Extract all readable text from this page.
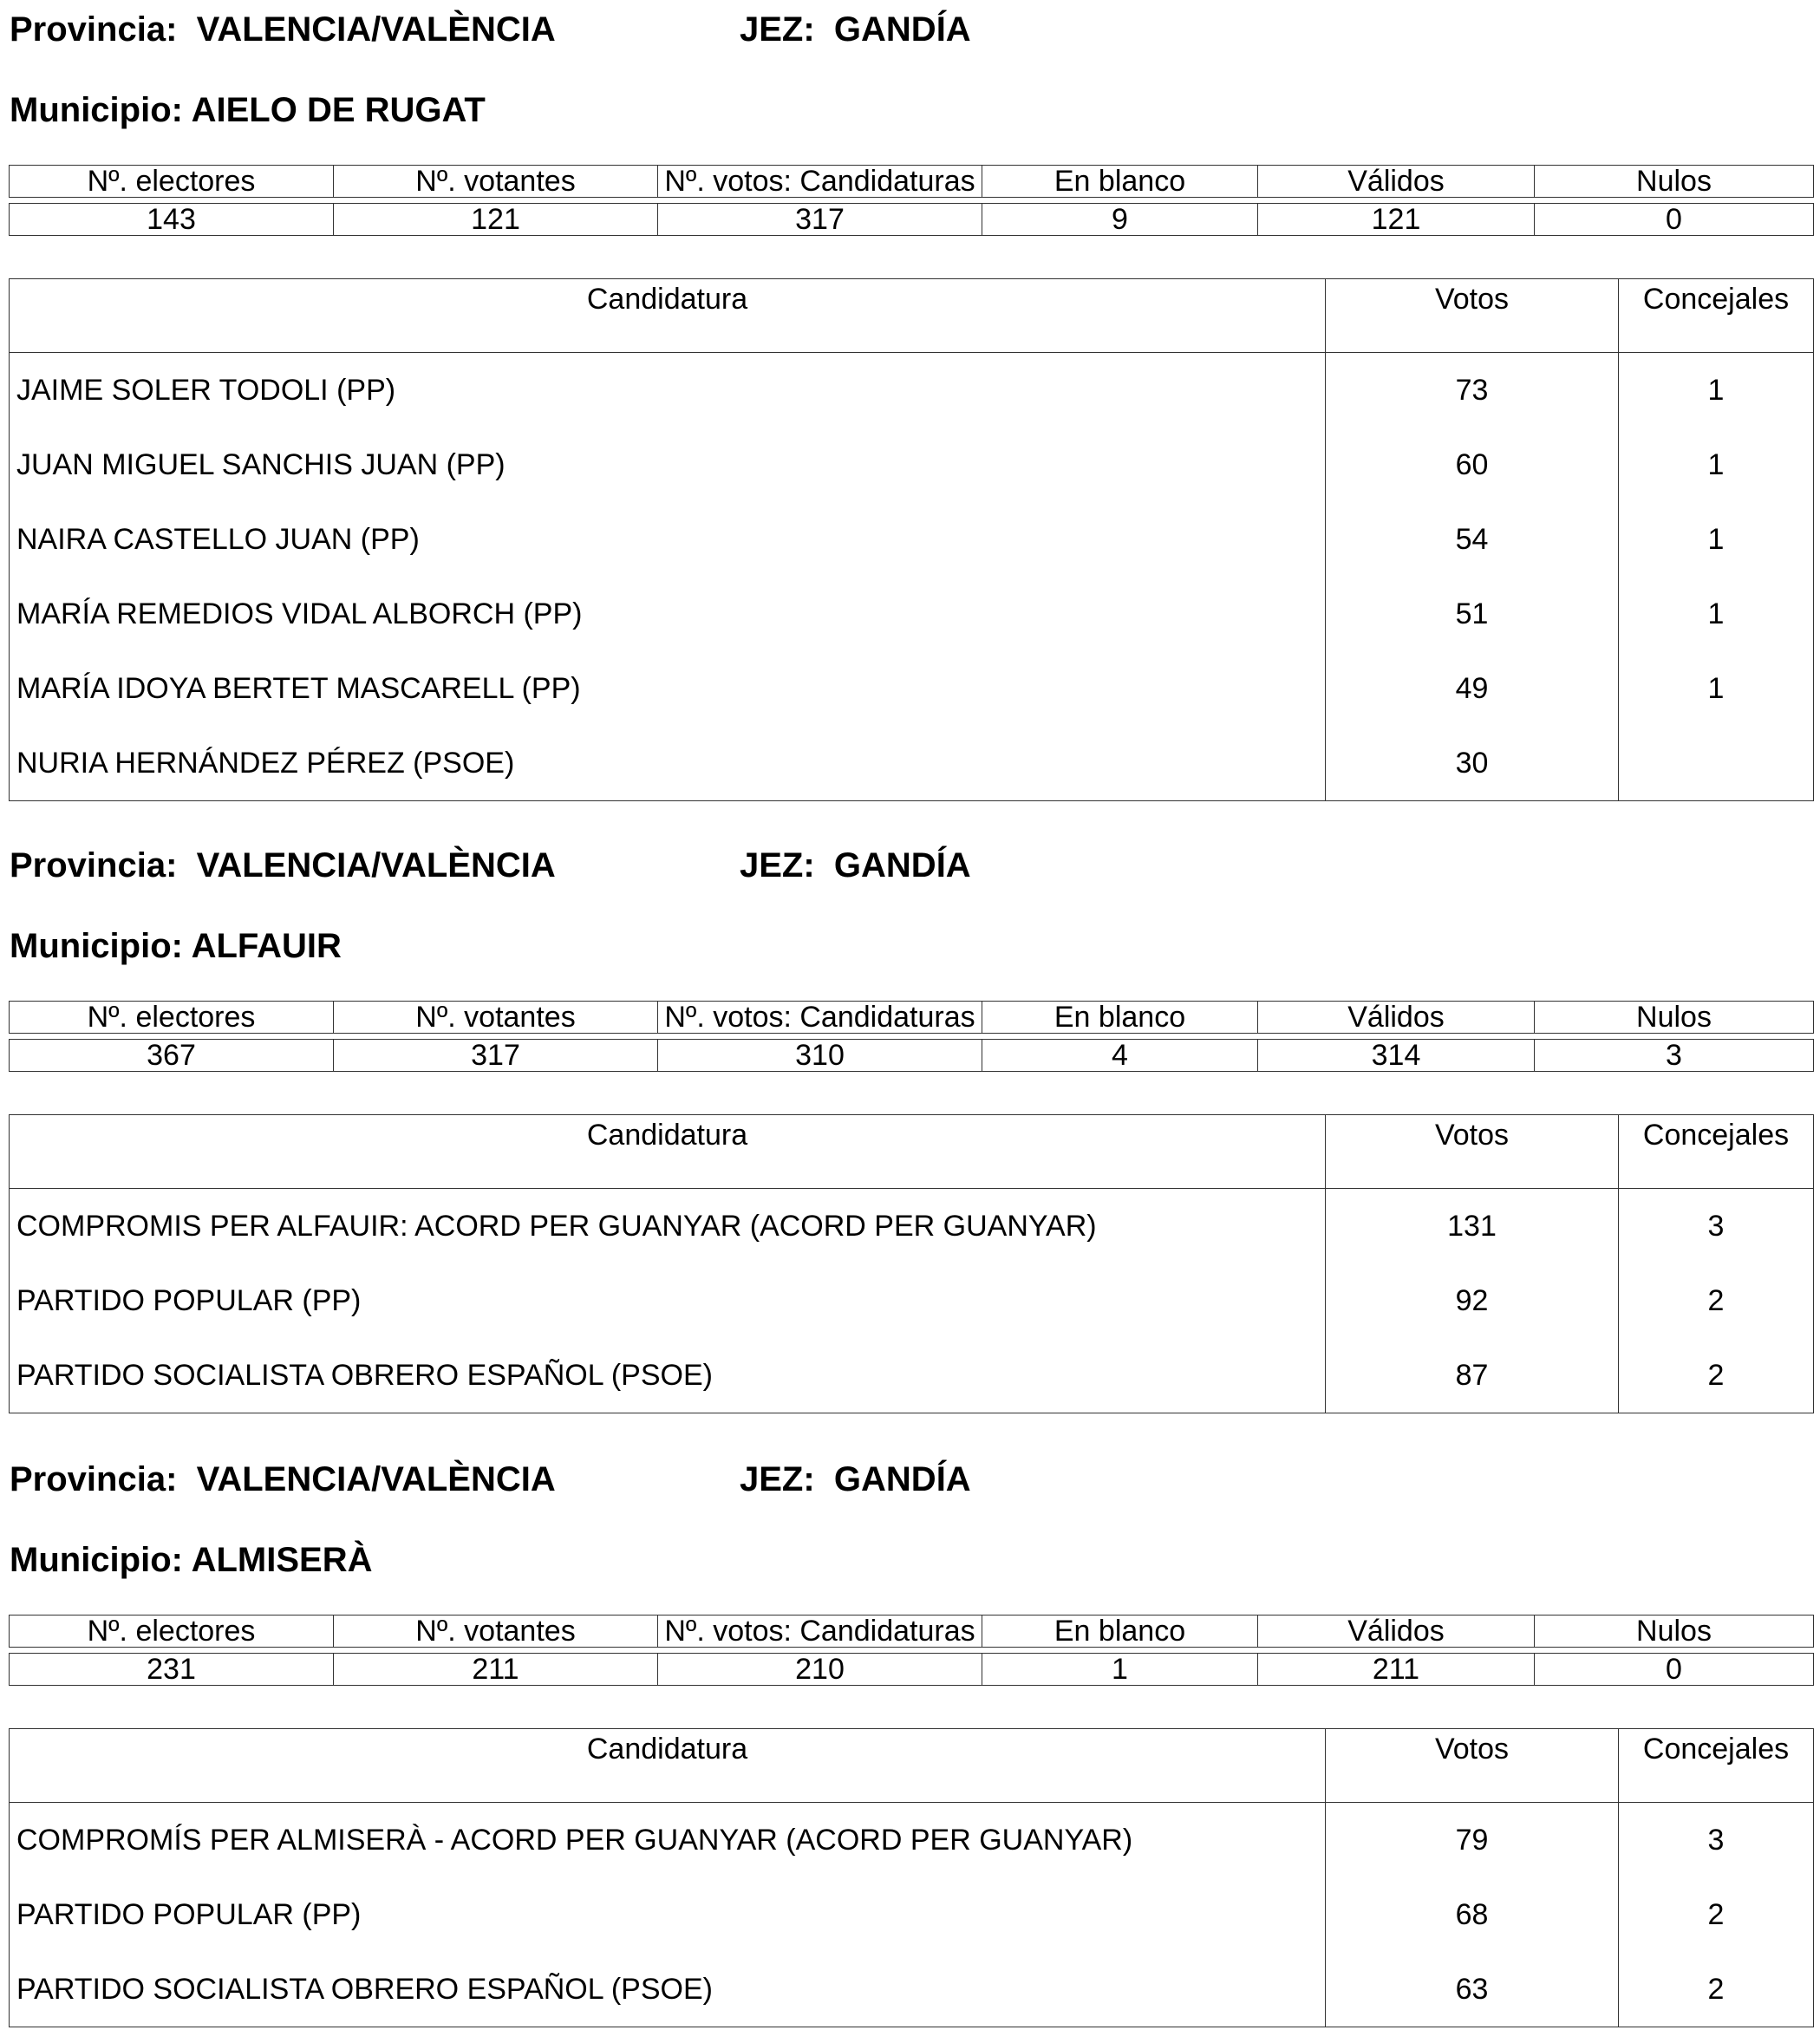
Provincia: VALENCIA/VALÈNCIA	JEZ: GANDÍA
Municipio: AIELO DE RUGAT
Nº. electores	Nº. votantes	Nº. votos: Candidaturas	En blanco	Válidos	Nulos

143	121	317	9	121	0
Candidatura	Votos	Concejales
JAIME SOLER TODOLI (PP)	73	1
JUAN MIGUEL SANCHIS JUAN (PP)	60	1
NAIRA CASTELLO JUAN (PP)	54	1
MARÍA REMEDIOS VIDAL ALBORCH (PP)	51	1
MARÍA IDOYA BERTET MASCARELL (PP)	49	1
NURIA HERNÁNDEZ PÉREZ (PSOE)	30	
Provincia: VALENCIA/VALÈNCIA	JEZ: GANDÍA
Municipio: ALFAUIR
Nº. electores	Nº. votantes	Nº. votos: Candidaturas	En blanco	Válidos	Nulos

367	317	310	4	314	3
Candidatura	Votos	Concejales
COMPROMIS PER ALFAUIR: ACORD PER GUANYAR (ACORD PER GUANYAR)	131	3
PARTIDO POPULAR (PP)	92	2
PARTIDO SOCIALISTA OBRERO ESPAÑOL (PSOE)	87	2
Provincia: VALENCIA/VALÈNCIA	JEZ: GANDÍA
Municipio: ALMISERÀ
Nº. electores	Nº. votantes	Nº. votos: Candidaturas	En blanco	Válidos	Nulos

231	211	210	1	211	0
Candidatura	Votos	Concejales
COMPROMÍS PER ALMISERÀ - ACORD PER GUANYAR (ACORD PER GUANYAR)	79	3
PARTIDO POPULAR (PP)	68	2
PARTIDO SOCIALISTA OBRERO ESPAÑOL (PSOE)	63	2
